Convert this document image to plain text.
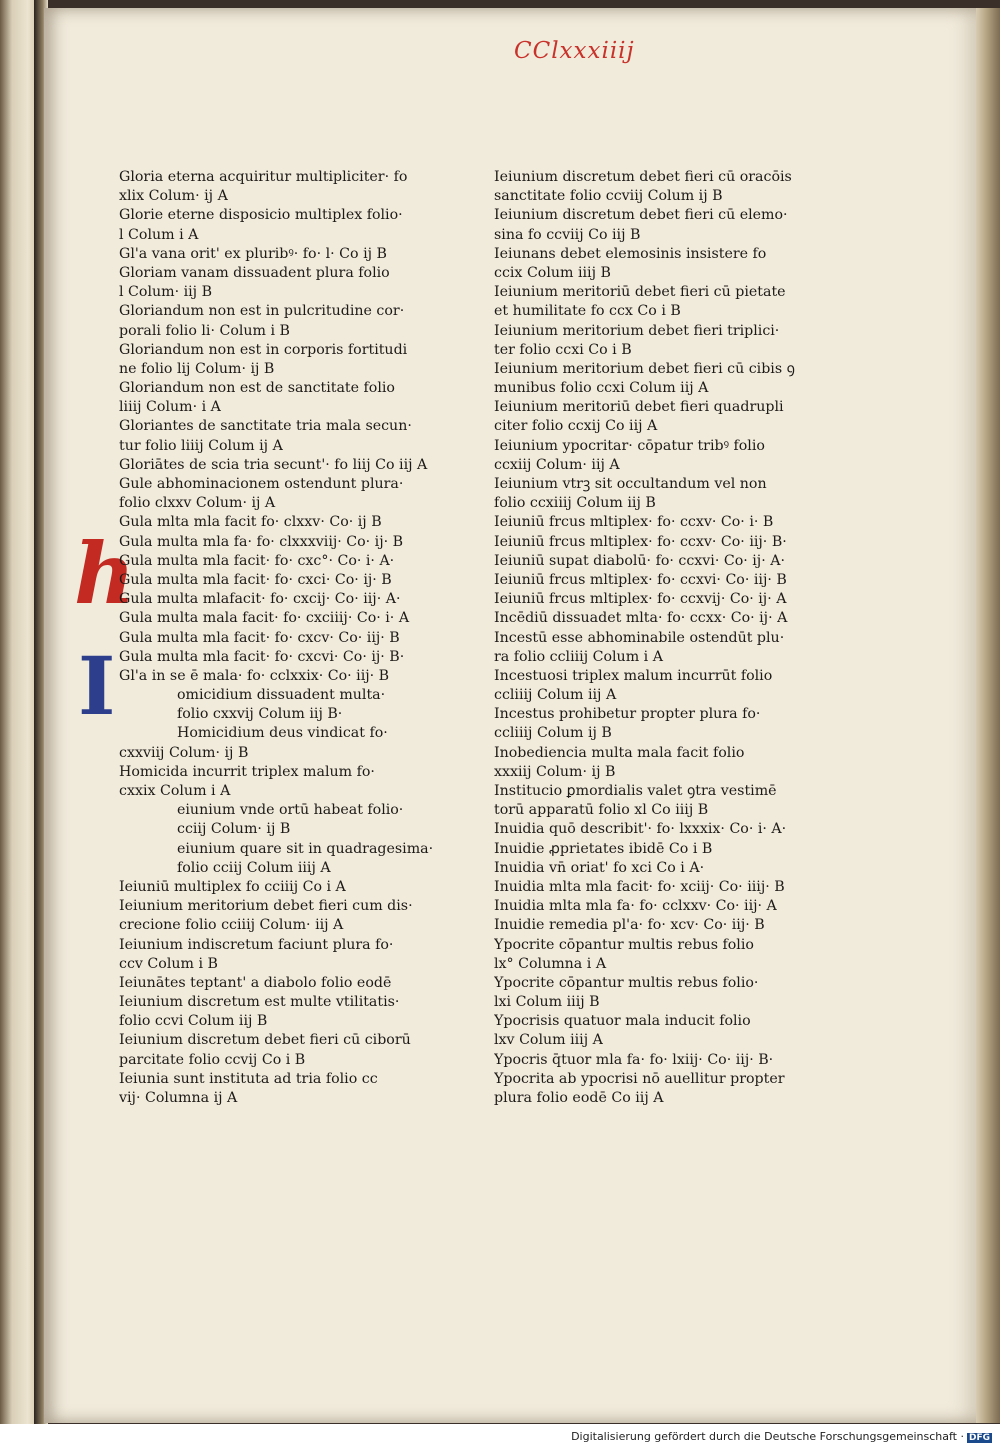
CClxxxiiij
h
I
Gloria eterna acquiritur multipliciter· fo
xlix Colum· ij A
Glorie eterne disposicio multiplex folio·
l Colum i A
Gl'a vana orit' ex pluribꝰ· fo· l· Co ij B
Gloriam vanam dissuadent plura folio
l Colum· iij B
Gloriandum non est in pulcritudine cor·
porali folio li· Colum i B
Gloriandum non est in corporis fortitudi
ne folio lij Colum· ij B
Gloriandum non est de sanctitate folio
liiij Colum· i A
Gloriantes de sanctitate tria mala secun·
tur folio liiij Colum ij A
Gloriātes de scia tria secunt'· fo liij Co iij A
Gule abhominacionem ostendunt plura·
folio clxxv Colum· ij A
Gula mlta mla facit fo· clxxv· Co· ij B
Gula multa mla fa· fo· clxxxviij· Co· ij· B
Gula multa mla facit· fo· cxc°· Co· i· A·
Gula multa mla facit· fo· cxci· Co· ij· B
Gula multa mlafacit· fo· cxcij· Co· iij· A·
Gula multa mala facit· fo· cxciiij· Co· i· A
Gula multa mla facit· fo· cxcv· Co· iij· B
Gula multa mla facit· fo· cxcvi· Co· ij· B·
Gl'a in se ē mala· fo· cclxxix· Co· iij· B
omicidium dissuadent multa·
folio cxxvij Colum iij B·
Homicidium deus vindicat fo·
cxxviij Colum· ij B
Homicida incurrit triplex malum fo·
cxxix Colum i A
eiunium vnde ortū habeat folio·
cciij Colum· ij B
eiunium quare sit in quadragesima·
folio cciij Colum iiij A
Ieiuniū multiplex fo cciiij Co i A
Ieiunium meritorium debet fieri cum dis·
crecione folio cciiij Colum· iij A
Ieiunium indiscretum faciunt plura fo·
ccv Colum i B
Ieiunātes teptant' a diabolo folio eodē
Ieiunium discretum est multe vtilitatis·
folio ccvi Colum iij B
Ieiunium discretum debet fieri cū ciborū
parcitate folio ccvij Co i B
Ieiunia sunt instituta ad tria folio cc
vij· Columna ij A
Ieiunium discretum debet fieri cū oracōis
sanctitate folio ccviij Colum ij B
Ieiunium discretum debet fieri cū elemo·
sina fo ccviij Co iij B
Ieiunans debet elemosinis insistere fo
ccix Colum iiij B
Ieiunium meritoriū debet fieri cū pietate
et humilitate fo ccx Co i B
Ieiunium meritorium debet fieri triplici·
ter folio ccxi Co i B
Ieiunium meritorium debet fieri cū cibis ꝯ
munibus folio ccxi Colum iij A
Ieiunium meritoriū debet fieri quadrupli
citer folio ccxij Co iij A
Ieiunium ypocritar· cōpatur tribꝰ folio
ccxiij Colum· iij A
Ieiunium vtrꝫ sit occultandum vel non
folio ccxiiij Colum iij B
Ieiuniū frcus mltiplex· fo· ccxv· Co· i· B
Ieiuniū frcus mltiplex· fo· ccxv· Co· iij· B·
Ieiuniū supat diabolū· fo· ccxvi· Co· ij· A·
Ieiuniū frcus mltiplex· fo· ccxvi· Co· iij· B
Ieiuniū frcus mltiplex· fo· ccxvij· Co· ij· A
Incēdiū dissuadet mlta· fo· ccxx· Co· ij· A
Incestū esse abhominabile ostendūt plu·
ra folio ccliiij Colum i A
Incestuosi triplex malum incurrūt folio
ccliiij Colum iij A
Incestus prohibetur propter plura fo·
ccliiij Colum ij B
Inobediencia multa mala facit folio
xxxiij Colum· ij B
Institucio ꝑmordialis valet ꝯtra vestimē
torū apparatū folio xl Co iiij B
Inuidia quō describit'· fo· lxxxix· Co· i· A·
Inuidie ꝓprietates ibidē Co i B
Inuidia vn̄ oriat' fo xci Co i A·
Inuidia mlta mla facit· fo· xciij· Co· iiij· B
Inuidia mlta mla fa· fo· cclxxv· Co· iij· A
Inuidie remedia pl'a· fo· xcv· Co· iij· B
Ypocrite cōpantur multis rebus folio
lx° Columna i A
Ypocrite cōpantur multis rebus folio·
lxi Colum iiij B
Ypocrisis quatuor mala inducit folio
lxv Colum iiij A
Ypocris q̄tuor mla fa· fo· lxiij· Co· iij· B·
Ypocrita ab ypocrisi nō auellitur propter
plura folio eodē Co iij A
Digitalisierung gefördert durch die Deutsche Forschungsgemeinschaft · DFG
